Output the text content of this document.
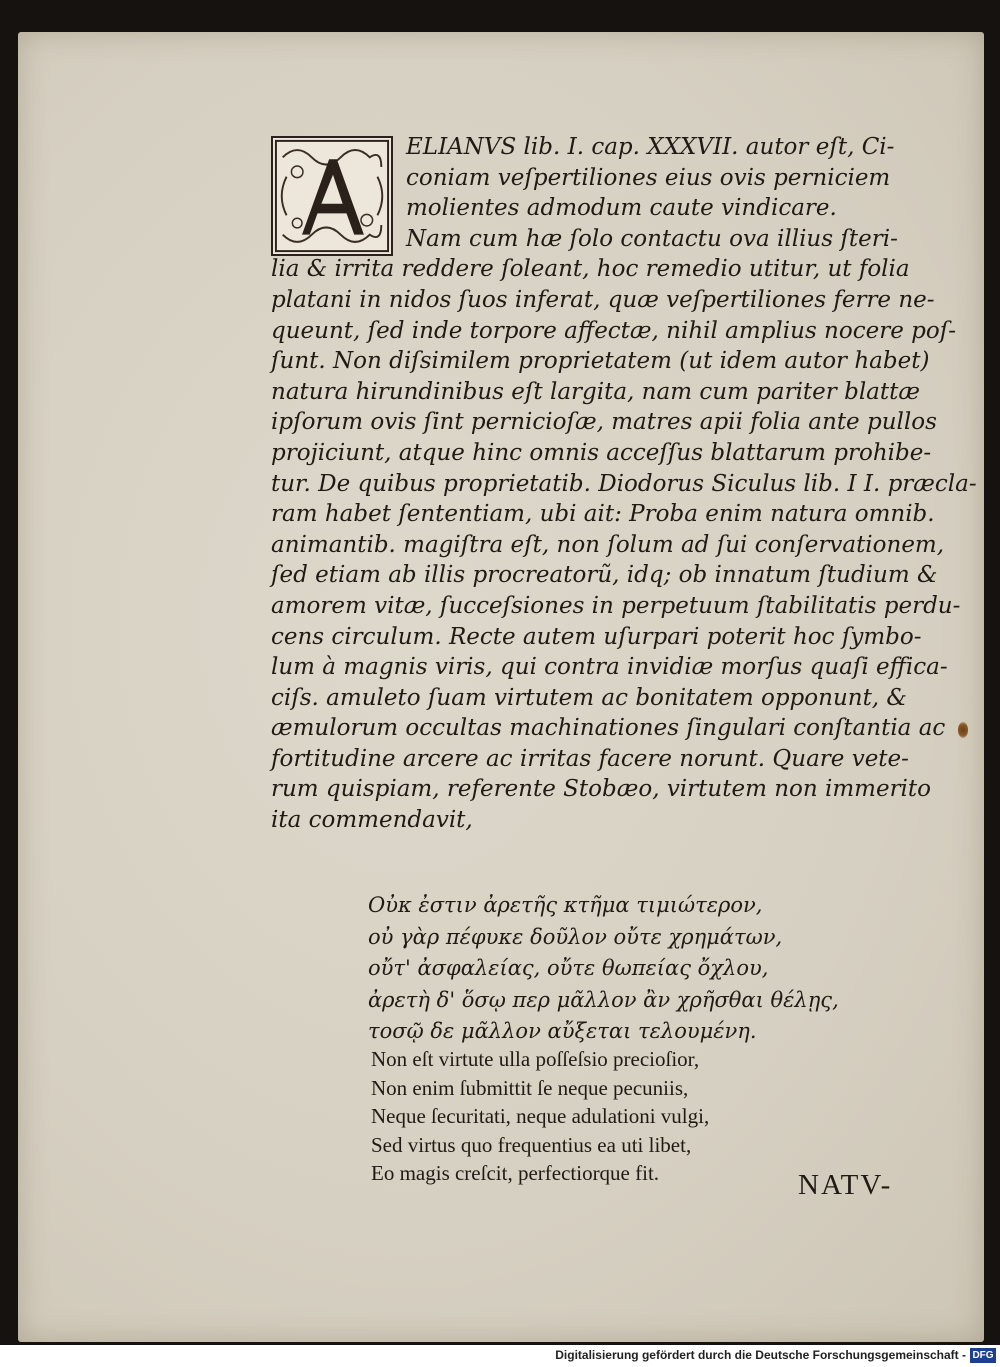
ELIANVS lib. I. cap. XXXVII. autor eſt, Ci-
coniam veſpertiliones eius ovis perniciem
molientes admodum caute vindicare.
Nam cum hæ ſolo contactu ova illius ſteri-
lia & irrita reddere ſoleant, hoc remedio utitur, ut folia
platani in nidos ſuos inferat, quæ veſpertiliones ferre ne-
queunt, ſed inde torpore affectæ, nihil amplius nocere poſ-
ſunt. Non diſsimilem proprietatem (ut idem autor habet)
natura hirundinibus eſt largita, nam cum pariter blattæ
ipſorum ovis ſint pernicioſæ, matres apii folia ante pullos
projiciunt, atque hinc omnis acceſſus blattarum prohibe-
tur. De quibus proprietatib. Diodorus Siculus lib. I I. præcla-
ram habet ſententiam, ubi ait: Proba enim natura omnib.
animantib. magiſtra eſt, non ſolum ad ſui conſervationem,
ſed etiam ab illis procreatorũ, idq; ob innatum ſtudium &
amorem vitæ, ſucceſsiones in perpetuum ſtabilitatis perdu-
cens circulum. Recte autem uſurpari poterit hoc ſymbo-
lum à magnis viris, qui contra invidiæ morſus quaſi effica-
ciſs. amuleto ſuam virtutem ac bonitatem opponunt, &
æmulorum occultas machinationes ſingulari conſtantia ac
fortitudine arcere ac irritas facere norunt. Quare vete-
rum quispiam, referente Stobæo, virtutem non immerito
ita commendavit,
Οὐκ ἐστιν ἀρετῆς κτῆμα τιμιώτερον,
οὐ γὰρ πέφυκε δοῦλον οὔτε χρημάτων,
οὔτ' ἀσφαλείας, οὔτε θωπείας ὄχλου,
ἀρετὴ δ' ὅσῳ περ μᾶλλον ἂν χρῆσθαι θέλῃς,
τοσῷ δε μᾶλλον αὔξεται τελουμένη.
Non eſt virtute ulla poſſeſsio precioſior,
Non enim ſubmittit ſe neque pecuniis,
Neque ſecuritati, neque adulationi vulgi,
Sed virtus quo frequentius ea uti libet,
Eo magis creſcit, perfectiorque fit.	NATV-
Digitalisierung gefördert durch die Deutsche Forschungsgemeinschaft - DFG
